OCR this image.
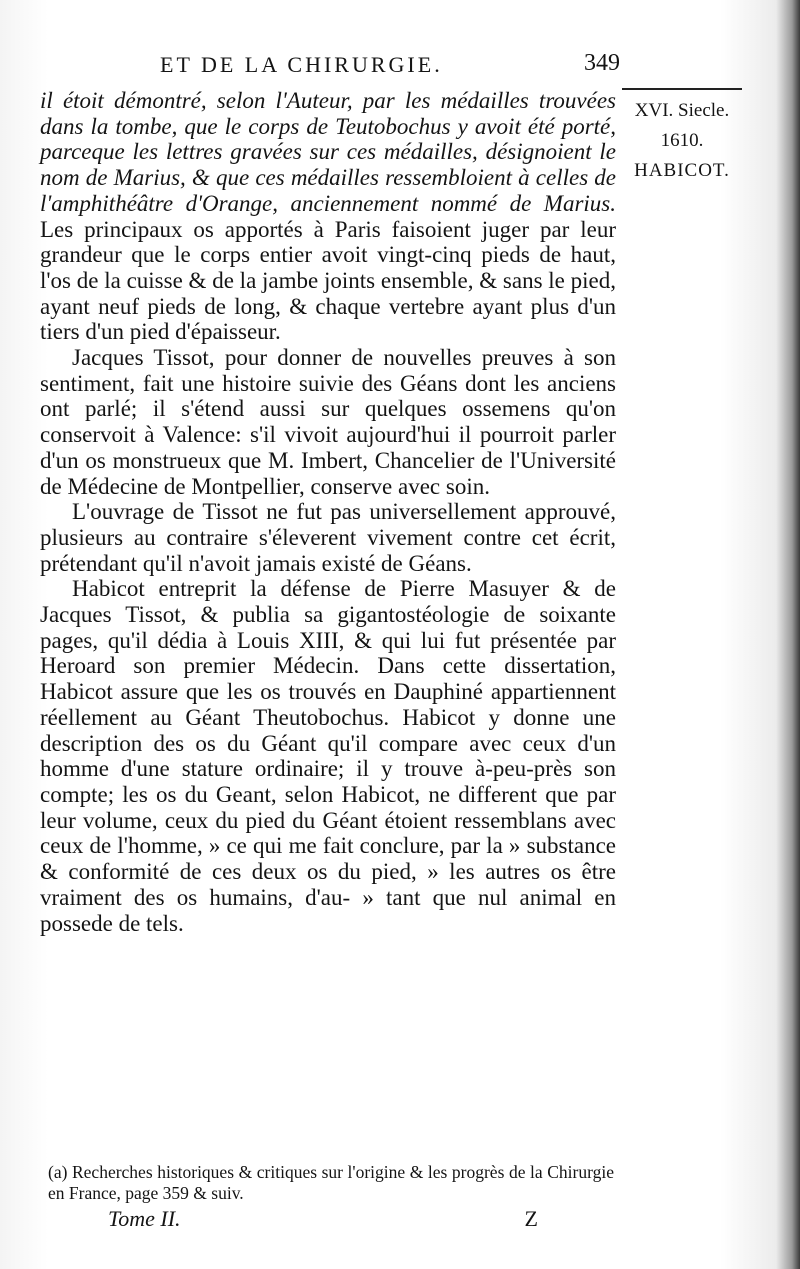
ET DE LA CHIRURGIE.	349
XVI. Siecle.
1610.
HABICOT.

il étoit démontré, selon l'Auteur, par les médailles trouvées dans la tombe, que le corps de Teutobochus y avoit été porté, parceque les lettres gravées sur ces médailles, désignoient le nom de Marius, & que ces médailles ressembloient à celles de l'amphithéâtre d'Orange, anciennement nommé de Marius. Les principaux os apportés à Paris faisoient juger par leur grandeur que le corps entier avoit vingt-cinq pieds de haut, l'os de la cuisse & de la jambe joints ensemble, & sans le pied, ayant neuf pieds de long, & chaque vertebre ayant plus d'un tiers d'un pied d'épaisseur.

Jacques Tissot, pour donner de nouvelles preuves à son sentiment, fait une histoire suivie des Géans dont les anciens ont parlé; il s'étend aussi sur quelques ossemens qu'on conservoit à Valence: s'il vivoit aujourd'hui il pourroit parler d'un os monstrueux que M. Imbert, Chancelier de l'Université de Médecine de Montpellier, conserve avec soin.

L'ouvrage de Tissot ne fut pas universellement approuvé, plusieurs au contraire s'éleverent vivement contre cet écrit, prétendant qu'il n'avoit jamais existé de Géans.

Habicot entreprit la défense de Pierre Masuyer & de Jacques Tissot, & publia sa gigantostéologie de soixante pages, qu'il dédia à Louis XIII, & qui lui fut présentée par Heroard son premier Médecin. Dans cette dissertation, Habicot assure que les os trouvés en Dauphiné appartiennent réellement au Géant Theutobochus. Habicot y donne une description des os du Géant qu'il compare avec ceux d'un homme d'une stature ordinaire; il y trouve à-peu-près son compte; les os du Geant, selon Habicot, ne different que par leur volume, ceux du pied du Géant étoient ressemblans avec ceux de l'homme, » ce qui me fait conclure, par la » substance & conformité de ces deux os du pied, » les autres os être vraiment des os humains, d'au- » tant que nul animal en possede de tels.

(a) Recherches historiques & critiques sur l'origine & les progrès de la Chirurgie en France, page 359 & suiv.
Tome II.	Z
